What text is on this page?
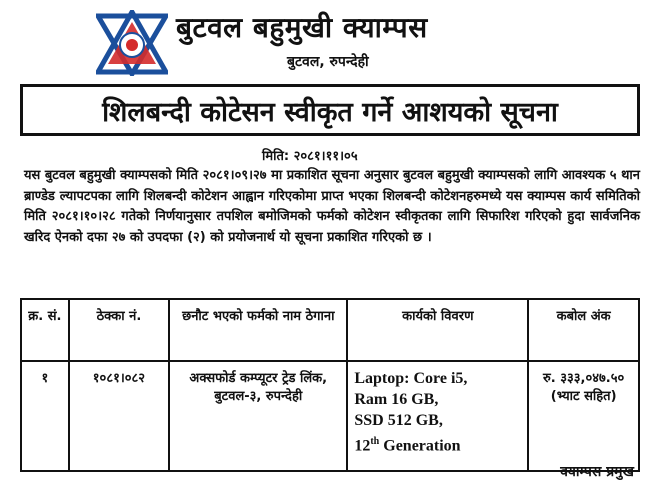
बुटवल बहुमुखी क्याम्पस
बुटवल, रुपन्देही
शिलबन्दी कोटेसन स्वीकृत गर्ने आशयको सूचना
मिति: २०८१।११।०५
यस बुटवल बहुमुखी क्याम्पसको मिति २०८१।०९।२७ मा प्रकाशित सूचना अनुसार बुटवल बहुमुखी क्याम्पसको लागि आवश्यक ५ थान ब्राण्डेड ल्यापटपका लागि शिलबन्दी कोटेशन आह्वान गरिएकोमा प्राप्त भएका शिलबन्दी कोटेशनहरुमध्ये यस क्याम्पस कार्य समितिको मिति २०८१।१०।२८ गतेको निर्णयानुसार तपशिल बमोजिमको फर्मको कोटेशन स्वीकृतका लागि सिफारिश गरिएको हुदा सार्वजनिक खरिद ऐनको दफा २७ को उपदफा (२) को प्रयोजनार्थ यो सूचना प्रकाशित गरिएको छ ।
क्र. सं.	ठेक्का नं.	छनौट भएको फर्मको नाम ठेगाना	कार्यको विवरण	कबोल अंक
१	१०८१।०८२	अक्सफोर्ड कम्प्यूटर ट्रेड लिंक, बुटवल-३, रुपन्देही	Laptop: Core i5,
Ram 16 GB,
SSD 512 GB,
12th Generation	रु. ३३३,०४७.५०
(भ्याट सहित)
क्याम्पस प्रमुख
